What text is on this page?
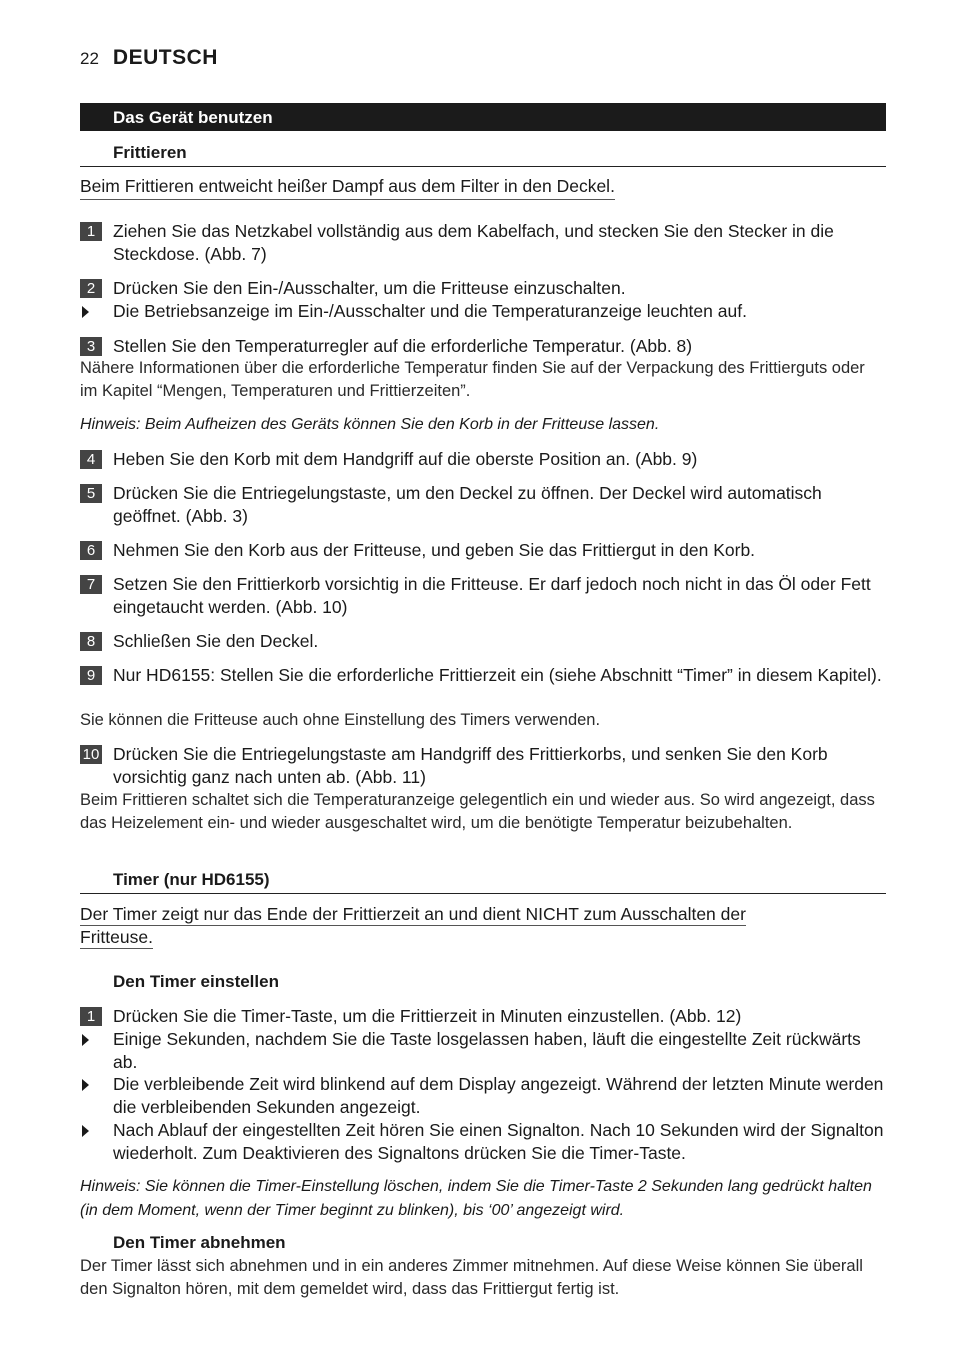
22 DEUTSCH
Das Gerät benutzen
Frittieren
Beim Frittieren entweicht heißer Dampf aus dem Filter in den Deckel.
1	Ziehen Sie das Netzkabel vollständig aus dem Kabelfach, und stecken Sie den Stecker in die Steckdose. (Abb. 7)
2	Drücken Sie den Ein-/Ausschalter, um die Fritteuse einzuschalten.
Die Betriebsanzeige im Ein-/Ausschalter und die Temperaturanzeige leuchten auf.
3	Stellen Sie den Temperaturregler auf die erforderliche Temperatur. (Abb. 8)
Nähere Informationen über die erforderliche Temperatur finden Sie auf der Verpackung des Frittierguts oder im Kapitel “Mengen, Temperaturen und Frittierzeiten”.
Hinweis: Beim Aufheizen des Geräts können Sie den Korb in der Fritteuse lassen.
4	Heben Sie den Korb mit dem Handgriff auf die oberste Position an. (Abb. 9)
5	Drücken Sie die Entriegelungstaste, um den Deckel zu öffnen. Der Deckel wird automatisch geöffnet. (Abb. 3)
6	Nehmen Sie den Korb aus der Fritteuse, und geben Sie das Frittiergut in den Korb.
7	Setzen Sie den Frittierkorb vorsichtig in die Fritteuse. Er darf jedoch noch nicht in das Öl oder Fett eingetaucht werden. (Abb. 10)
8	Schließen Sie den Deckel.
9	Nur HD6155: Stellen Sie die erforderliche Frittierzeit ein (siehe Abschnitt “Timer” in diesem Kapitel).
Sie können die Fritteuse auch ohne Einstellung des Timers verwenden.
10 Drücken Sie die Entriegelungstaste am Handgriff des Frittierkorbs, und senken Sie den Korb vorsichtig ganz nach unten ab. (Abb. 11)
Beim Frittieren schaltet sich die Temperaturanzeige gelegentlich ein und wieder aus. So wird angezeigt, dass das Heizelement ein- und wieder ausgeschaltet wird, um die benötigte Temperatur beizubehalten.
Timer (nur HD6155)
Der Timer zeigt nur das Ende der Frittierzeit an und dient NICHT zum Ausschalten der Fritteuse.
Den Timer einstellen
1	Drücken Sie die Timer-Taste, um die Frittierzeit in Minuten einzustellen. (Abb. 12)
Einige Sekunden, nachdem Sie die Taste losgelassen haben, läuft die eingestellte Zeit rückwärts ab.
Die verbleibende Zeit wird blinkend auf dem Display angezeigt. Während der letzten Minute werden die verbleibenden Sekunden angezeigt.
Nach Ablauf der eingestellten Zeit hören Sie einen Signalton. Nach 10 Sekunden wird der Signalton wiederholt. Zum Deaktivieren des Signaltons drücken Sie die Timer-Taste.
Hinweis: Sie können die Timer-Einstellung löschen, indem Sie die Timer-Taste 2 Sekunden lang gedrückt halten (in dem Moment, wenn der Timer beginnt zu blinken), bis ‘00’ angezeigt wird.
Den Timer abnehmen
Der Timer lässt sich abnehmen und in ein anderes Zimmer mitnehmen. Auf diese Weise können Sie überall den Signalton hören, mit dem gemeldet wird, dass das Frittiergut fertig ist.
